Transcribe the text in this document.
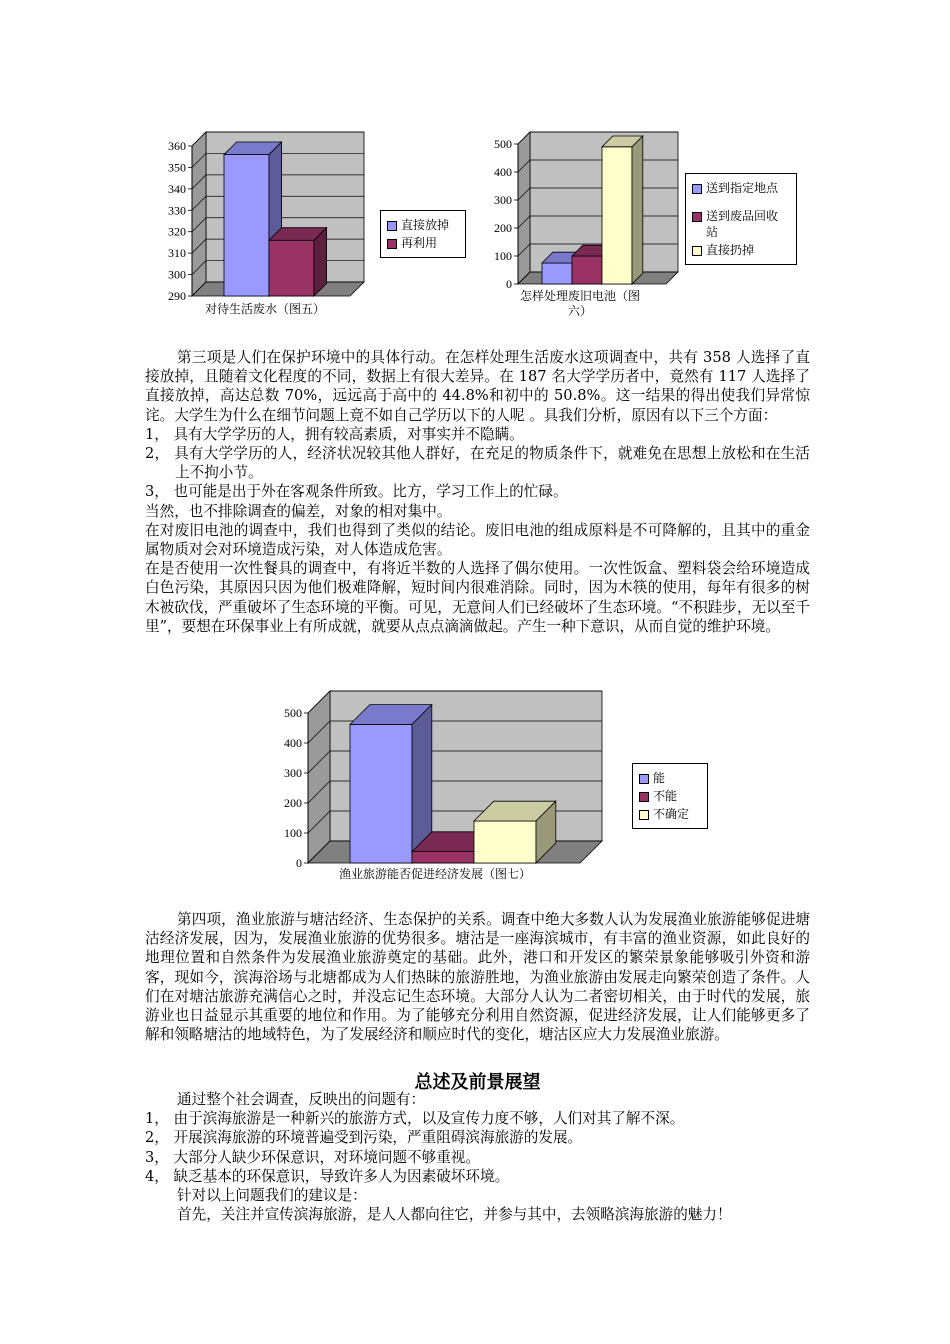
290
300
310
320
330
340
350
360
直接放掉
再利用
对待生活废水（图五）
0
100
200
300
400
500
送到指定地点
送到废品回收
站
直接扔掉
怎样处理废旧电池（图
六）

第三项是人们在保护环境中的具体行动。在怎样处理生活废水这项调查中，共有 358 人选择了直接放掉，且随着文化程度的不同，数据上有很大差异。在 187 名大学学历者中，竟然有 117 人选择了直接放掉，高达总数 70%，远远高于高中的 44.8%和初中的 50.8%。这一结果的得出使我们异常惊诧。大学生为什么在细节问题上竟不如自己学历以下的人呢 。具我们分析，原因有以下三个方面：

1， 具有大学学历的人，拥有较高素质，对事实并不隐瞒。

2， 具有大学学历的人，经济状况较其他人群好，在充足的物质条件下，就难免在思想上放松和在生活上不拘小节。

3， 也可能是出于外在客观条件所致。比方，学习工作上的忙碌。

当然，也不排除调查的偏差，对象的相对集中。

在对废旧电池的调查中，我们也得到了类似的结论。废旧电池的组成原料是不可降解的，且其中的重金属物质对会对环境造成污染，对人体造成危害。

在是否使用一次性餐具的调查中，有将近半数的人选择了偶尔使用。一次性饭盒、塑料袋会给环境造成白色污染，其原因只因为他们极难降解，短时间内很难消除。同时，因为木筷的使用，每年有很多的树木被砍伐，严重破坏了生态环境的平衡。可见，无意间人们已经破坏了生态环境。“不积跬步，无以至千里”，要想在环保事业上有所成就，就要从点点滴滴做起。产生一种下意识，从而自觉的维护环境。

0
100
200
300
400
500
能
不能
不确定
渔业旅游能否促进经济发展（图七）

第四项，渔业旅游与塘沽经济、生态保护的关系。调查中绝大多数人认为发展渔业旅游能够促进塘沽经济发展，因为，发展渔业旅游的优势很多。塘沽是一座海滨城市，有丰富的渔业资源，如此良好的地理位置和自然条件为发展渔业旅游奠定的基础。此外，港口和开发区的繁荣景象能够吸引外资和游客，现如今，滨海浴场与北塘都成为人们热眛的旅游胜地，为渔业旅游由发展走向繁荣创造了条件。人们在对塘沽旅游充满信心之时，并没忘记生态环境。大部分人认为二者密切相关，由于时代的发展，旅游业也日益显示其重要的地位和作用。为了能够充分利用自然资源，促进经济发展，让人们能够更多了解和领略塘沽的地域特色，为了发展经济和顺应时代的变化，塘沽区应大力发展渔业旅游。

总述及前景展望

通过整个社会调查，反映出的问题有：

1， 由于滨海旅游是一种新兴的旅游方式，以及宣传力度不够，人们对其了解不深。

2， 开展滨海旅游的环境普遍受到污染，严重阻碍滨海旅游的发展。

3， 大部分人缺少环保意识，对环境问题不够重视。

4， 缺乏基本的环保意识，导致许多人为因素破坏环境。

针对以上问题我们的建议是：

首先，关注并宣传滨海旅游，是人人都向往它，并参与其中，去领略滨海旅游的魅力！
